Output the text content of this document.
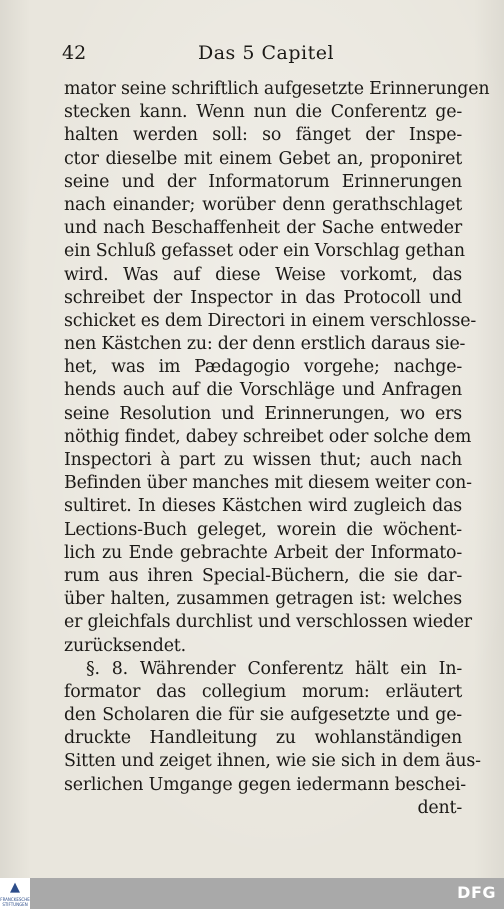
42	Das 5 Capitel
mator seine schriftlich aufgesetzte Erinnerungen
stecken kann. Wenn nun die Conferentz ge-
halten werden soll: so fänget der Inspe-
ctor dieselbe mit einem Gebet an, proponiret
seine und der Informatorum Erinnerungen
nach einander; worüber denn gerathschlaget
und nach Beschaffenheit der Sache entweder
ein Schluß gefasset oder ein Vorschlag gethan
wird. Was auf diese Weise vorkomt, das
schreibet der Inspector in das Protocoll und
schicket es dem Directori in einem verschlosse-
nen Kästchen zu: der denn erstlich daraus sie-
het, was im Pædagogio vorgehe; nachge-
hends auch auf die Vorschläge und Anfragen
seine Resolution und Erinnerungen, wo ers
nöthig findet, dabey schreibet oder solche dem
Inspectori à part zu wissen thut; auch nach
Befinden über manches mit diesem weiter con-
sultiret. In dieses Kästchen wird zugleich das
Lections-Buch geleget, worein die wöchent-
lich zu Ende gebrachte Arbeit der Informato-
rum aus ihren Special-Büchern, die sie dar-
über halten, zusammen getragen ist: welches
er gleichfals durchlist und verschlossen wieder
zurücksendet.
§. 8. Währender Conferentz hält ein In-
formator das collegium morum: erläutert
den Scholaren die für sie aufgesetzte und ge-
druckte Handleitung zu wohlanständigen
Sitten und zeiget ihnen, wie sie sich in dem äus-
serlichen Umgange gegen iedermann beschei-
dent-
▲
FRANCKESCHE STIFTUNGEN
DFG
